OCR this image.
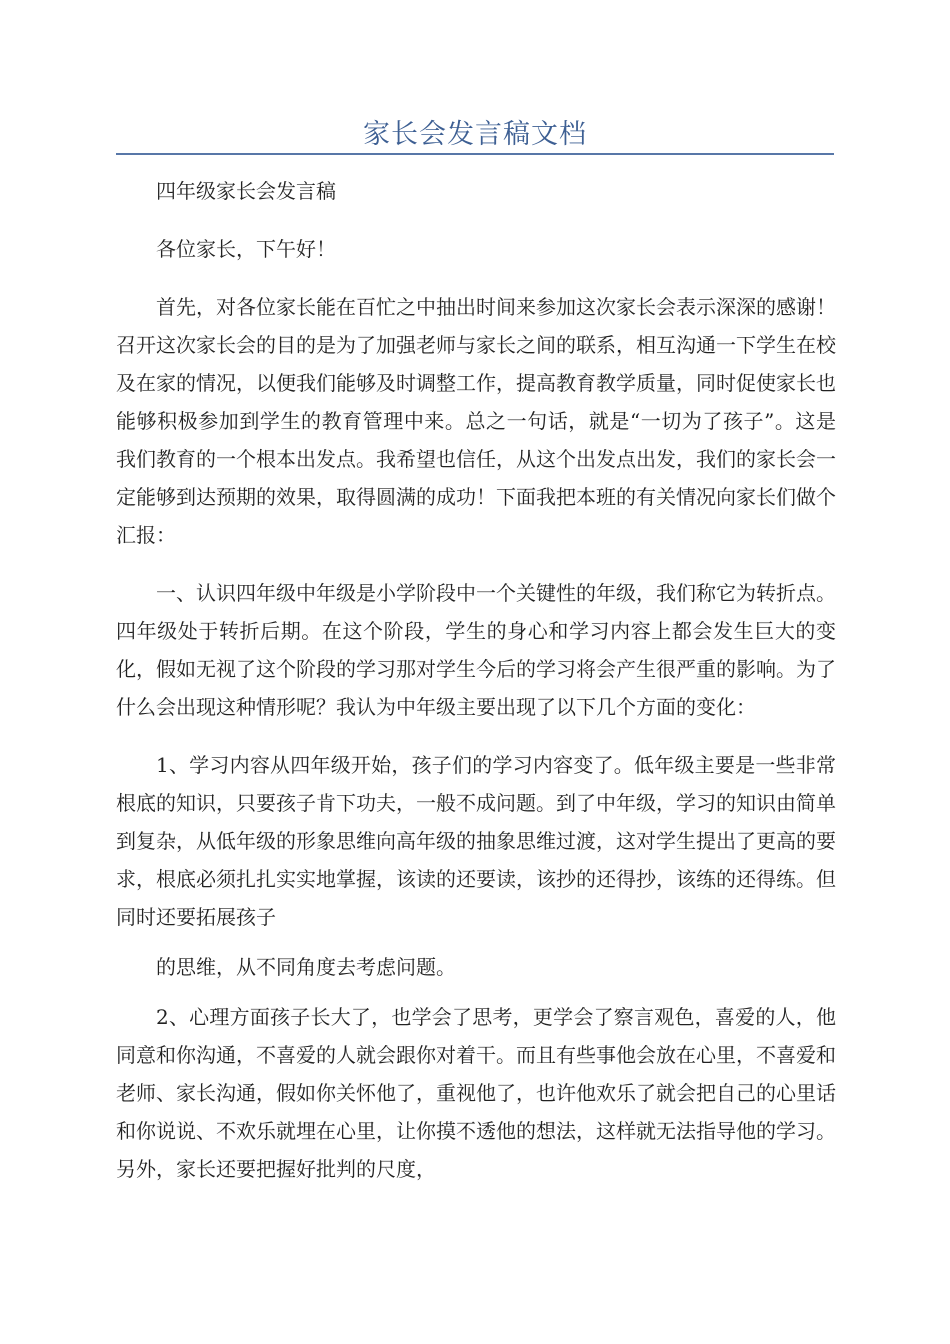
家长会发言稿文档

四年级家长会发言稿

各位家长，下午好！

首先，对各位家长能在百忙之中抽出时间来参加这次家长会表示深深的感谢！召开这次家长会的目的是为了加强老师与家长之间的联系，相互沟通一下学生在校及在家的情况，以便我们能够及时调整工作，提高教育教学质量，同时促使家长也能够积极参加到学生的教育管理中来。总之一句话，就是“一切为了孩子”。这是我们教育的一个根本出发点。我希望也信任，从这个出发点出发，我们的家长会一定能够到达预期的效果，取得圆满的成功！下面我把本班的有关情况向家长们做个汇报：

一、认识四年级中年级是小学阶段中一个关键性的年级，我们称它为转折点。四年级处于转折后期。在这个阶段，学生的身心和学习内容上都会发生巨大的变化，假如无视了这个阶段的学习那对学生今后的学习将会产生很严重的影响。为了什么会出现这种情形呢？我认为中年级主要出现了以下几个方面的变化：

1、学习内容从四年级开始，孩子们的学习内容变了。低年级主要是一些非常根底的知识，只要孩子肯下功夫，一般不成问题。到了中年级，学习的知识由简单到复杂，从低年级的形象思维向高年级的抽象思维过渡，这对学生提出了更高的要求，根底必须扎扎实实地掌握，该读的还要读，该抄的还得抄，该练的还得练。但同时还要拓展孩子

的思维，从不同角度去考虑问题。

2、心理方面孩子长大了，也学会了思考，更学会了察言观色，喜爱的人，他同意和你沟通，不喜爱的人就会跟你对着干。而且有些事他会放在心里，不喜爱和老师、家长沟通，假如你关怀他了，重视他了，也许他欢乐了就会把自己的心里话和你说说、不欢乐就埋在心里，让你摸不透他的想法，这样就无法指导他的学习。另外，家长还要把握好批判的尺度，
